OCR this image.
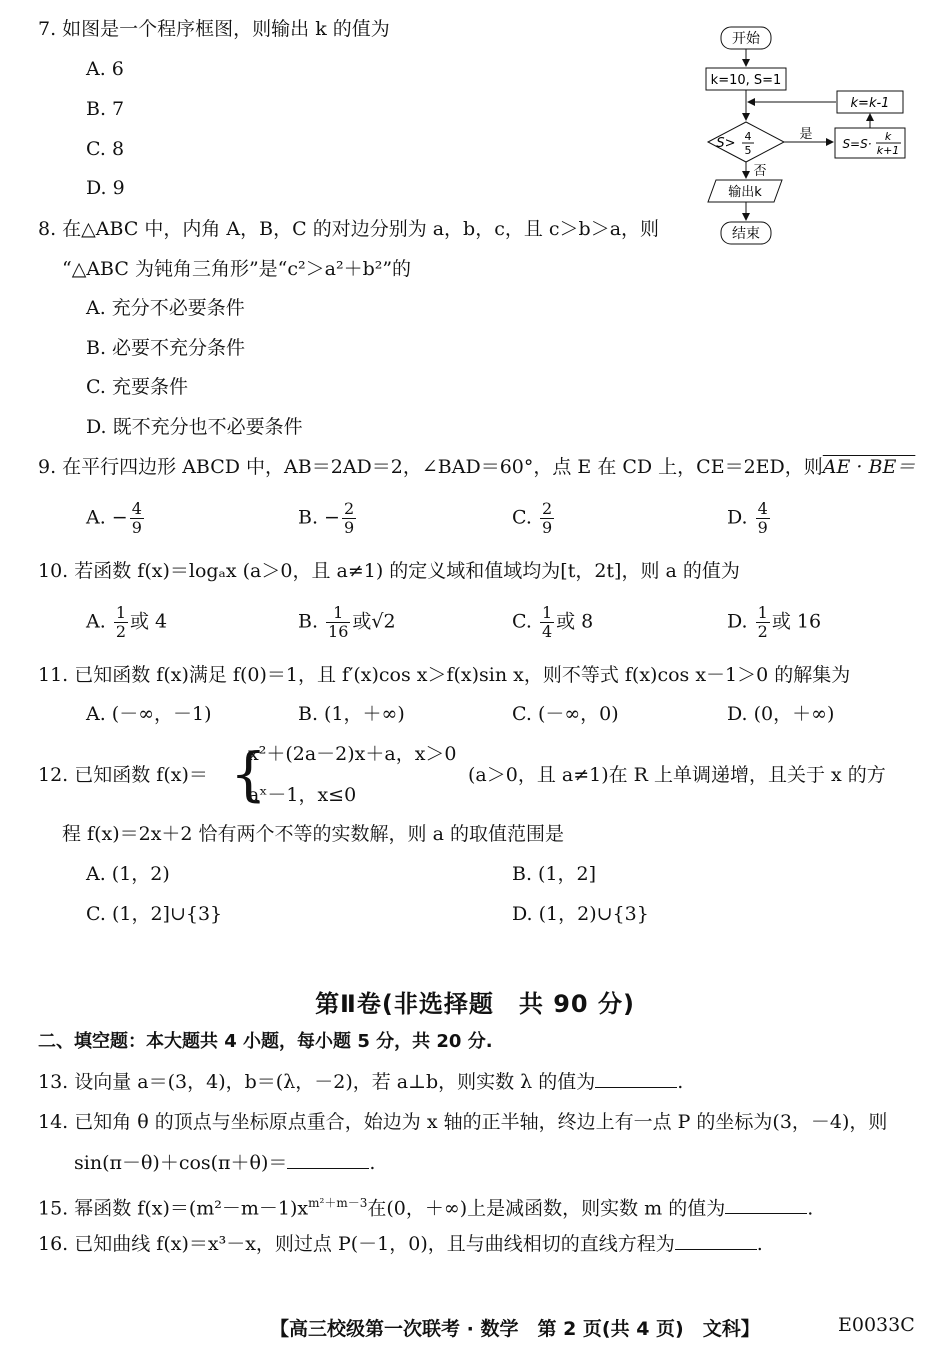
7. 如图是一个程序框图，则输出 k 的值为
A. 6
B. 7
C. 8
D. 9
开始
k=10, S=1
S> 4
5
是
S=S·
k
k+1
k=k-1
否
输出k
结束
8. 在△ABC 中，内角 A，B，C 的对边分别为 a，b，c，且 c＞b＞a，则
“△ABC 为钝角三角形”是“c²＞a²＋b²”的
A. 充分不必要条件
B. 必要不充分条件
C. 充要条件
D. 既不充分也不必要条件
9. 在平行四边形 ABCD 中，AB＝2AD＝2，∠BAD＝60°，点 E 在 CD 上，CE＝2ED，则AE · BE＝
A. − $\frac{4}{9}$	B. − $\frac{2}{9}$	C. $\frac{2}{9}$	D. $\frac{4}{9}$
10. 若函数 f(x)＝logₐx (a＞0，且 a≠1) 的定义域和值域均为[t，2t]，则 a 的值为
A. $\frac{1}{2}$ 或 4	B. $\frac{1}{16}$ 或√2	C. $\frac{1}{4}$ 或 8	D. $\frac{1}{2}$ 或 16
11. 已知函数 f(x)满足 f(0)＝1，且 f′(x)cos x＞f(x)sin x，则不等式 f(x)cos x－1＞0 的解集为
A. (－∞，－1)	B. (1，＋∞)	C. (－∞，0)	D. (0，＋∞)
12. 已知函数 f(x)＝ {
x²＋(2a－2)x＋a，x＞0
aˣ－1，x≤0
(a＞0，且 a≠1)在 R 上单调递增，且关于 x 的方
程 f(x)＝2x＋2 恰有两个不等的实数解，则 a 的取值范围是
A. (1，2)	B. (1，2]
C. (1，2]∪{3}	D. (1，2)∪{3}
第Ⅱ卷(非选择题　共 90 分)
二、填空题：本大题共 4 小题，每小题 5 分，共 20 分.
13. 设向量 a＝(3，4)，b＝(λ，－2)，若 a⊥b，则实数 λ 的值为	.
14. 已知角 θ 的顶点与坐标原点重合，始边为 x 轴的正半轴，终边上有一点 P 的坐标为(3，－4)，则
sin(π－θ)＋cos(π＋θ)＝	.
15. 幂函数 $f(x)=(m^2-m-1)x^{m^2+m-3}$在(0，＋∞)上是减函数，则实数 m 的值为	.
16. 已知曲线 f(x)＝x³－x，则过点 P(－1，0)，且与曲线相切的直线方程为	.
【高三校级第一次联考 · 数学　第 2 页(共 4 页)　文科】	E0033C
